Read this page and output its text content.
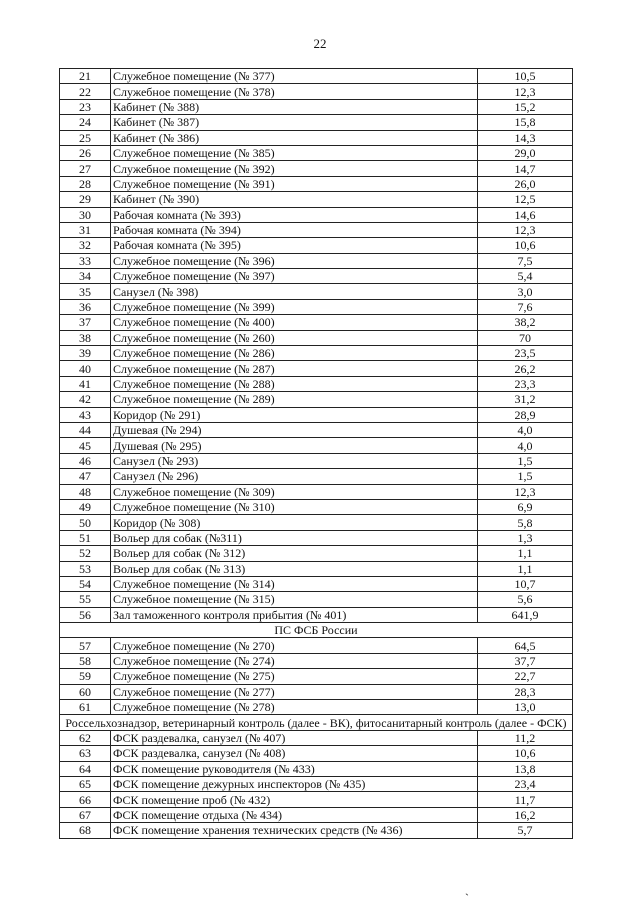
22
21	Служебное помещение (№ 377)	10,5
22	Служебное помещение (№ 378)	12,3
23	Кабинет (№ 388)	15,2
24	Кабинет (№ 387)	15,8
25	Кабинет (№ 386)	14,3
26	Служебное помещение (№ 385)	29,0
27	Служебное помещение (№ 392)	14,7
28	Служебное помещение (№ 391)	26,0
29	Кабинет (№ 390)	12,5
30	Рабочая комната (№ 393)	14,6
31	Рабочая комната (№ 394)	12,3
32	Рабочая комната (№ 395)	10,6
33	Служебное помещение (№ 396)	7,5
34	Служебное помещение (№ 397)	5,4
35	Санузел (№ 398)	3,0
36	Служебное помещение (№ 399)	7,6
37	Служебное помещение (№ 400)	38,2
38	Служебное помещение (№ 260)	70
39	Служебное помещение (№ 286)	23,5
40	Служебное помещение (№ 287)	26,2
41	Служебное помещение (№ 288)	23,3
42	Служебное помещение (№ 289)	31,2
43	Коридор (№ 291)	28,9
44	Душевая (№ 294)	4,0
45	Душевая (№ 295)	4,0
46	Санузел (№ 293)	1,5
47	Санузел (№ 296)	1,5
48	Служебное помещение (№ 309)	12,3
49	Служебное помещение (№ 310)	6,9
50	Коридор (№ 308)	5,8
51	Вольер для собак (№311)	1,3
52	Вольер для собак (№ 312)	1,1
53	Вольер для собак (№ 313)	1,1
54	Служебное помещение (№ 314)	10,7
55	Служебное помещение (№ 315)	5,6
56	Зал таможенного контроля прибытия (№ 401)	641,9
ПС ФСБ России		
57	Служебное помещение (№ 270)	64,5
58	Служебное помещение (№ 274)	37,7
59	Служебное помещение (№ 275)	22,7
60	Служебное помещение (№ 277)	28,3
61	Служебное помещение (№ 278)	13,0
Россельхознадзор, ветеринарный контроль (далее - ВК), фитосанитарный контроль (далее - ФСК)		
62	ФСК раздевалка, санузел (№ 407)	11,2
63	ФСК раздевалка, санузел (№ 408)	10,6
64	ФСК помещение руководителя (№ 433)	13,8
65	ФСК помещение дежурных инспекторов (№ 435)	23,4
66	ФСК помещение проб (№ 432)	11,7
67	ФСК помещение отдыха (№ 434)	16,2
68	ФСК помещение хранения технических средств (№ 436)	5,7
ˏ
